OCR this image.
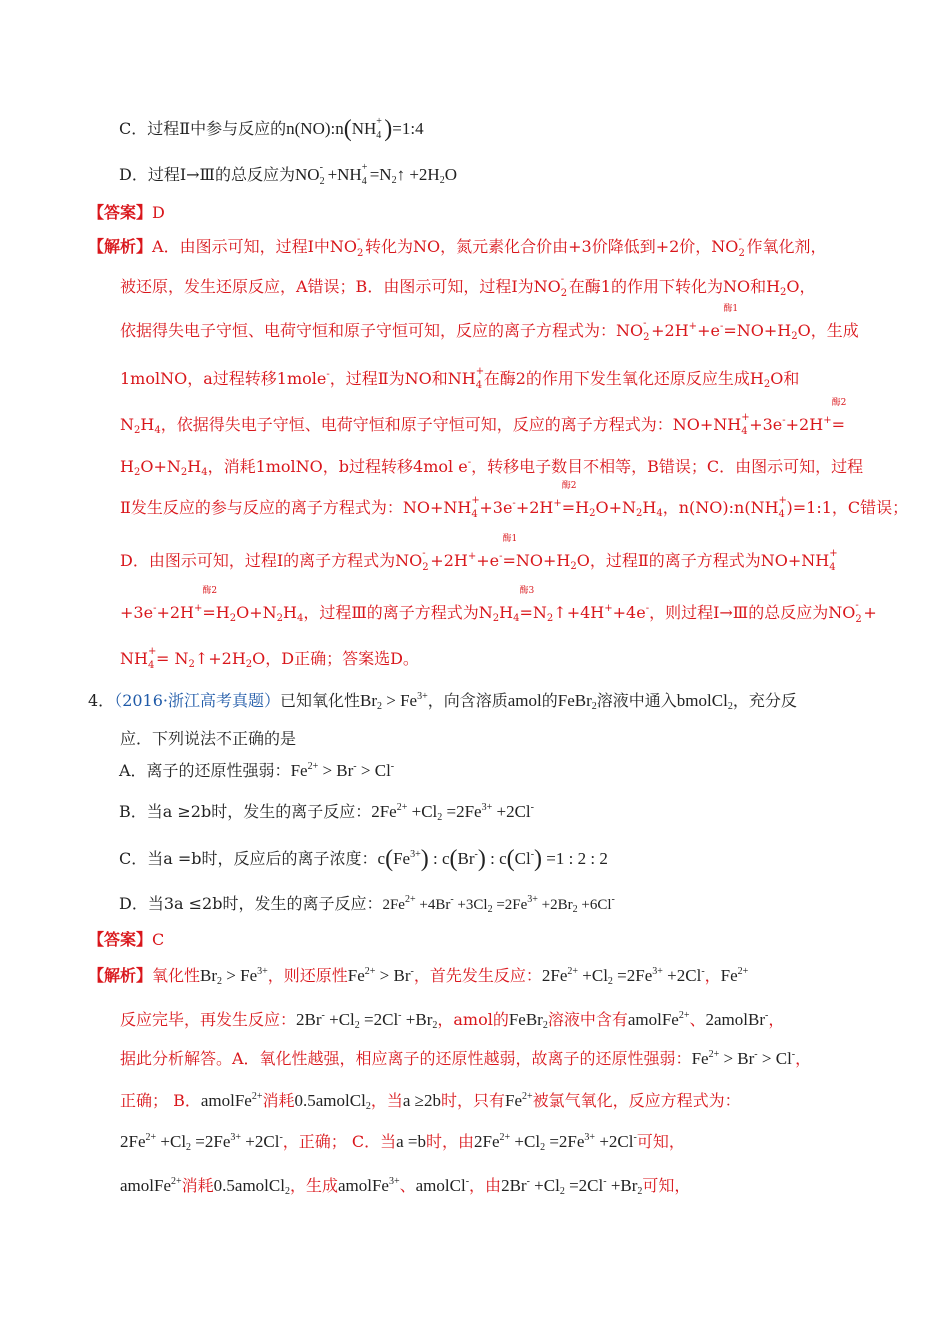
C．过程Ⅱ中参与反应的n(NO):n(NH +
4 )=1:4
D．过程Ⅰ→Ⅲ的总反应为NO -
2 +NH +
$4 =N_2↑ +2H_2O$
【答案】D
【解析】A．由图示可知，过程Ⅰ中NO -
2 转化为NO，氮元素化合价由+3价降低到+2价，NO -
2 作氧化剂，
被还原，发生还原反应，A错误；B．由图示可知，过程Ⅰ为NO -
2 在酶1的作用下转化为NO和$H_2O$，
依据得失电子守恒、电荷守恒和原子守恒可知，反应的离子方程式为：NO -
2 +2H++e-=
酶1
$NO+H_2O$，生成
1molNO，a过程转移1mole-，过程Ⅱ为NO和NH +
4 在酶2的作用下发生氧化还原反应生成$H_2O$和
$N_2H_4$，依据得失电子守恒、电荷守恒和原子守恒可知，反应的离子方程式为：NO+NH +
4 +3e-+2H+=
酶2
$H_2O+N_2H_4$，消耗1molNO，b过程转移4mol e-，转移电子数目不相等，B错误；C．由图示可知，过程
Ⅱ发生反应的参与反应的离子方程式为：NO+NH +
4 +3e-+2H+=
酶2
$H_2O+N_2H_4$，n(NO):n(NH +
4 )=1:1，C错误；
D．由图示可知，过程Ⅰ的离子方程式为NO -
2 +2H++e-=
酶1
$NO+H_2O$，过程Ⅱ的离子方程式为NO+NH +
4
+3e-+2H+=
酶2
$H_2O+N_2H_4$，过程Ⅲ的离子方程式为$N_2H_4=$
酶3
$N_2↑+4H^++4e^-$，则过程Ⅰ→Ⅲ的总反应为NO -
2 +
NH +
$4 = N_2↑+2H_2O$，D正确；答案选D。
4．（2016·浙江高考真题）已知氧化性$Br_2 > Fe^{3+}$，向含溶质amol的FeBr$_2$溶液中通入bmolCl$_2$，充分反
应．下列说法不正确的是
A．离子的还原性强弱：$Fe^{2+} > Br^- > Cl^-$
B．当a ≥2b时，发生的离子反应：$2Fe^{2+} +Cl_2 =2Fe^{3+} +2Cl^-$
C．当a =b时，反应后的离子浓度：$c(Fe^{3+})$ : c(Br-) : c(Cl-) =1 : 2 : 2
D．当3a ≤2b时，发生的离子反应：$2Fe^{2+} +4Br^- +3Cl_2 =2Fe^{3+} +2Br_2 +6Cl^-$
【答案】C
【解析】氧化性$Br_2 > Fe^{3+}$，则还原性$Fe^{2+} > Br^-$，首先发生反应：$2Fe^{2+} +Cl_2 =2Fe^{3+} +2Cl^-$，$Fe^{2+}$
反应完毕，再发生反应：$2Br^- +Cl_2 =2Cl^- +Br_2$，amol的FeBr$_2$溶液中含有amolFe$^{2+}$、2amolBr-，
据此分析解答。A．氧化性越强，相应离子的还原性越弱，故离子的还原性强弱：$Fe^{2+} > Br^- > Cl^-$，
正确； B．amolFe$^{2+}$消耗0.5amolCl$_2$，当a ≥2b时，只有$Fe^{2+}$被氯气氧化，反应方程式为：
$2Fe^{2+} +Cl_2 =2Fe^{3+} +2Cl^-$，正确； C．当a =b时，由$2Fe^{2+} +Cl_2 =2Fe^{3+} +2Cl^-$可知，
amolFe$^{2+}$消耗0.5amolCl$_2$，生成amolFe$^{3+}$、amolCl-，由$2Br^- +Cl_2 =2Cl^- +Br_2$可知，
